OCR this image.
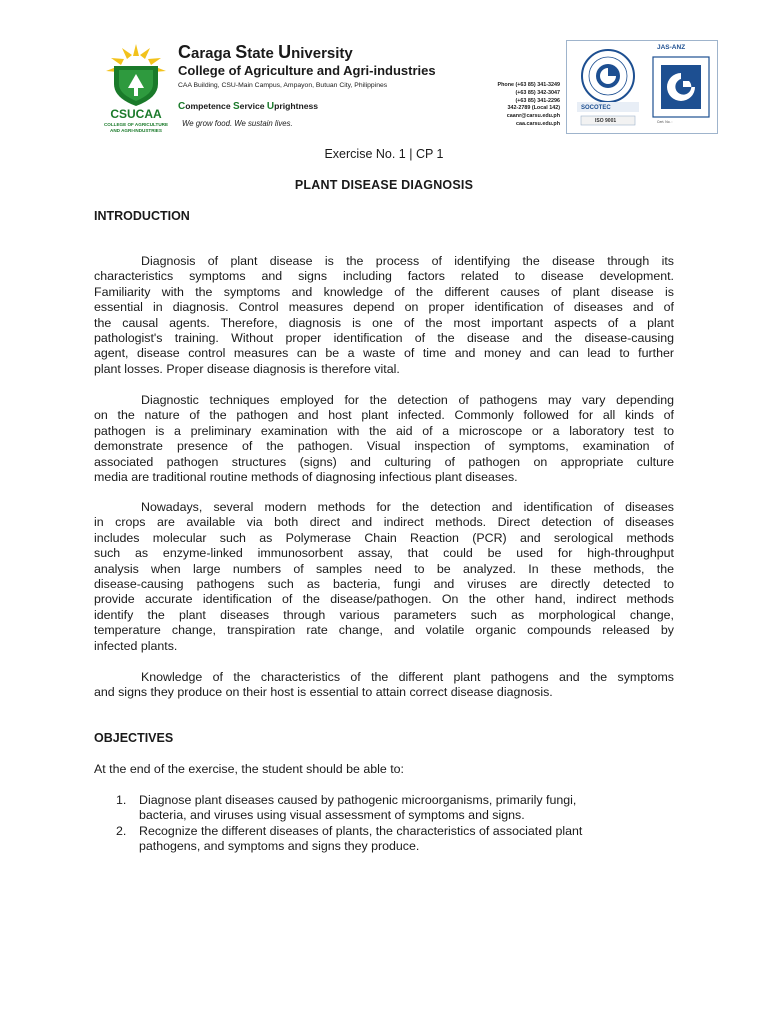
CSUCAA
COLLEGE OF AGRICULTURE
AND AGRI-INDUSTRIES
Caraga State University
College of Agriculture and Agri-industries
CAA Building, CSU-Main Campus, Ampayon, Butuan City, Philippines
Competence Service Uprightness
We grow food. We sustain lives.
Phone (+63 85) 341-3249
(+63 85) 342-3047
(+63 85) 341-2296
342-2789 (Local 142)
caanr@carsu.edu.ph
caa.carsu.edu.ph
JAS-ANZ
SOCOTEC
ISO 9001	Cert. No. :
Exercise No. 1 | CP 1
PLANT DISEASE DIAGNOSIS
INTRODUCTION
Diagnosis of plant disease is the process of identifying the disease through its
characteristics symptoms and signs including factors related to disease development.
Familiarity with the symptoms and knowledge of the different causes of plant disease is
essential in diagnosis. Control measures depend on proper identification of diseases and of
the causal agents. Therefore, diagnosis is one of the most important aspects of a plant
pathologist's training. Without proper identification of the disease and the disease-causing
agent, disease control measures can be a waste of time and money and can lead to further
plant losses. Proper disease diagnosis is therefore vital.
Diagnostic techniques employed for the detection of pathogens may vary depending
on the nature of the pathogen and host plant infected. Commonly followed for all kinds of
pathogen is a preliminary examination with the aid of a microscope or a laboratory test to
demonstrate presence of the pathogen. Visual inspection of symptoms, examination of
associated pathogen structures (signs) and culturing of pathogen on appropriate culture
media are traditional routine methods of diagnosing infectious plant diseases.
Nowadays, several modern methods for the detection and identification of diseases
in crops are available via both direct and indirect methods. Direct detection of diseases
includes molecular such as Polymerase Chain Reaction (PCR) and serological methods
such as enzyme-linked immunosorbent assay, that could be used for high-throughput
analysis when large numbers of samples need to be analyzed. In these methods, the
disease-causing pathogens such as bacteria, fungi and viruses are directly detected to
provide accurate identification of the disease/pathogen. On the other hand, indirect methods
identify the plant diseases through various parameters such as morphological change,
temperature change, transpiration rate change, and volatile organic compounds released by
infected plants.
Knowledge of the characteristics of the different plant pathogens and the symptoms
and signs they produce on their host is essential to attain correct disease diagnosis.
OBJECTIVES
At the end of the exercise, the student should be able to:
1. Diagnose plant diseases caused by pathogenic microorganisms, primarily fungi,
bacteria, and viruses using visual assessment of symptoms and signs.
2. Recognize the different diseases of plants, the characteristics of associated plant
pathogens, and symptoms and signs they produce.
